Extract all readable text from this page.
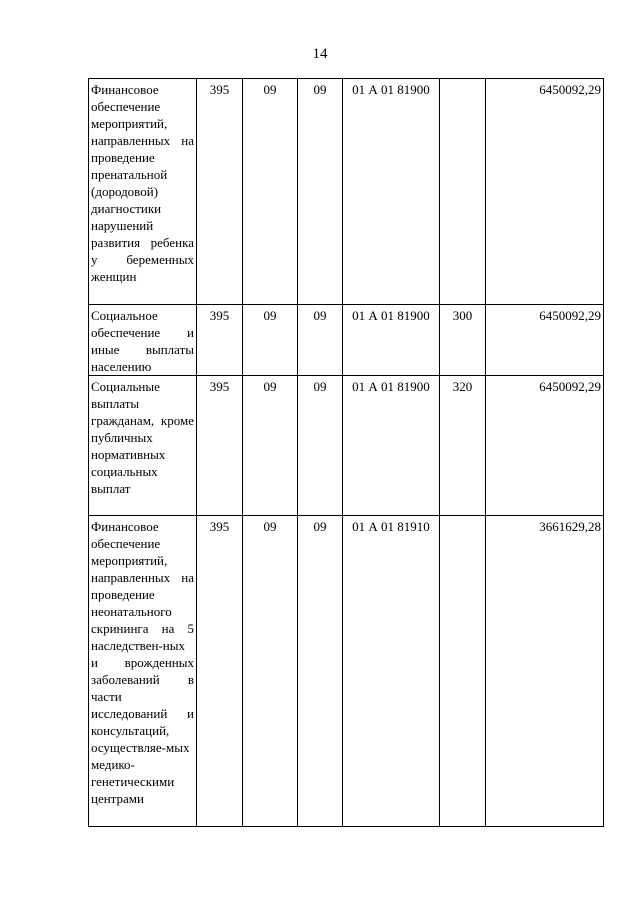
14
Финансовое обеспечение мероприятий, направленных на проведение пренатальной (дородовой) диагностики нарушений развития ребенка у беременных женщин	395	09	09	01 А 01 81900		6450092,29
Социальное обеспечение и иные выплаты населению	395	09	09	01 А 01 81900	300	6450092,29
Социальные выплаты гражданам, кроме публичных нормативных социальных выплат	395	09	09	01 А 01 81900	320	6450092,29
Финансовое обеспечение мероприятий, направленных на проведение неонатального скрининга на 5 наследствен-ных и врожденных заболеваний в части исследований и консультаций, осуществляе-мых медико-генетическими центрами	395	09	09	01 А 01 81910		3661629,28
